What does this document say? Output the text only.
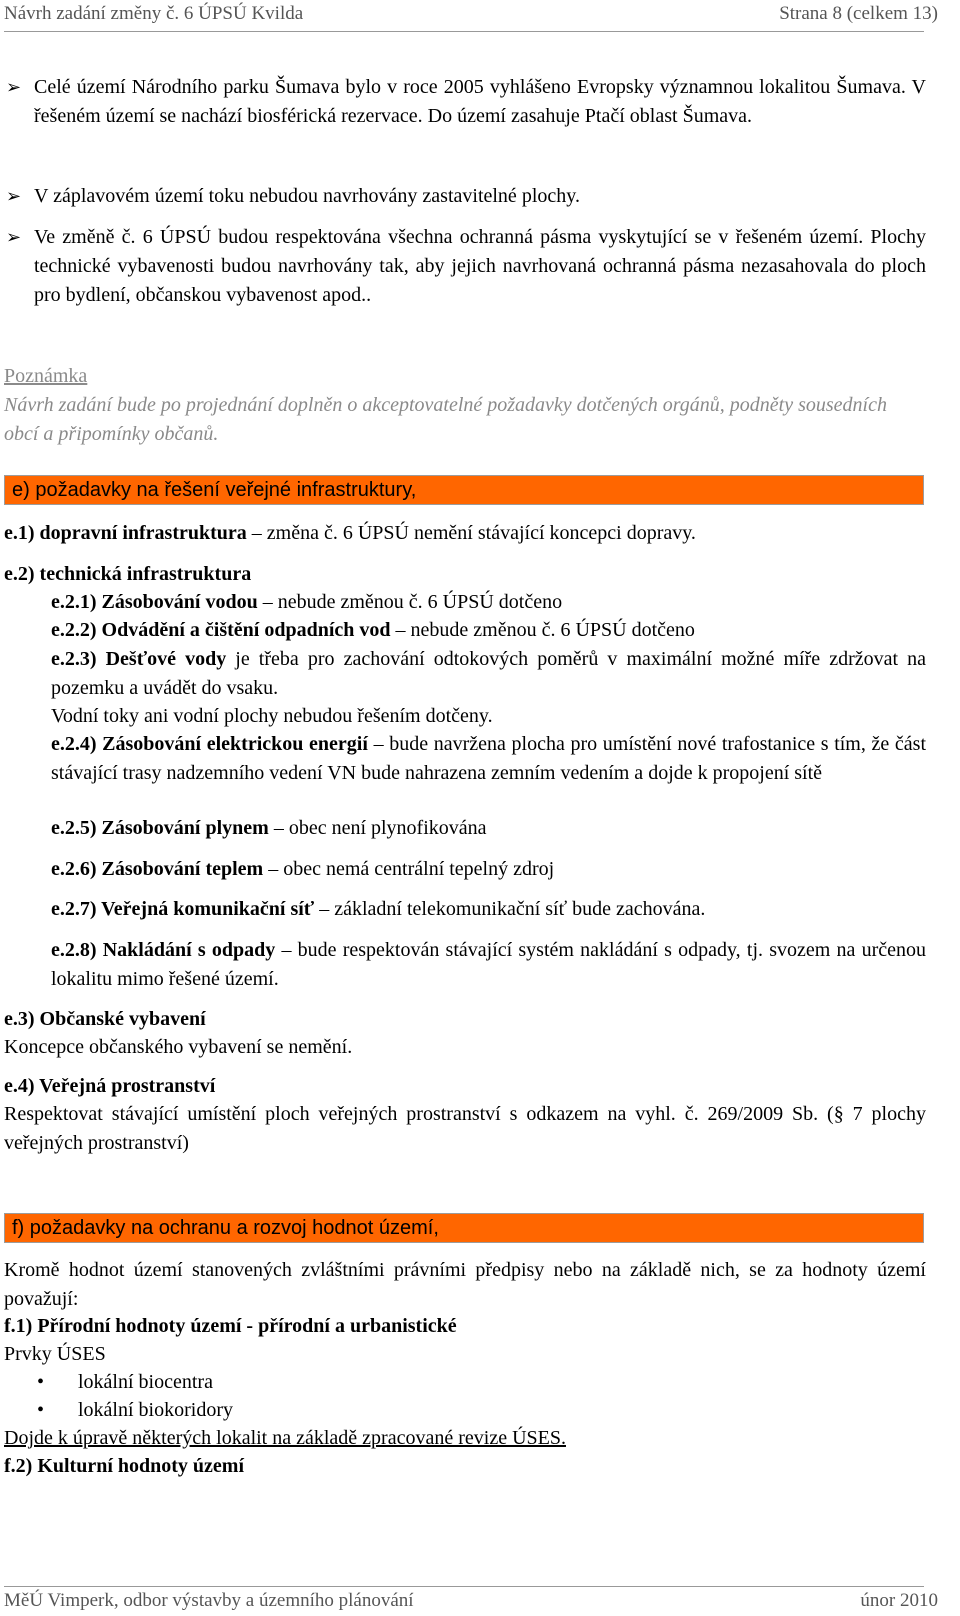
Návrh zadání změny č. 6 ÚPSÚ Kvilda	Strana 8 (celkem 13)
➢ Celé území Národního parku Šumava bylo v roce 2005 vyhlášeno Evropsky významnou lokalitou Šumava. V řešeném území se nachází biosférická rezervace. Do území zasahuje Ptačí oblast Šumava.
➢ V záplavovém území toku nebudou navrhovány zastavitelné plochy.
➢ Ve změně č. 6 ÚPSÚ budou respektována všechna ochranná pásma vyskytující se v řešeném území. Plochy technické vybavenosti budou navrhovány tak, aby jejich navrhovaná ochranná pásma nezasahovala do ploch pro bydlení, občanskou vybavenost apod..
Poznámka
Návrh zadání bude po projednání doplněn o akceptovatelné požadavky dotčených orgánů, podněty sousedních obcí a připomínky občanů.
e) požadavky na řešení veřejné infrastruktury,
e.1) dopravní infrastruktura – změna č. 6 ÚPSÚ nemění stávající koncepci dopravy.
e.2) technická infrastruktura
e.2.1) Zásobování vodou – nebude změnou č. 6 ÚPSÚ dotčeno
e.2.2) Odvádění a čištění odpadních vod – nebude změnou č. 6 ÚPSÚ dotčeno
e.2.3) Dešťové vody je třeba pro zachování odtokových poměrů v maximální možné míře zdržovat na pozemku a uvádět do vsaku.
Vodní toky ani vodní plochy nebudou řešením dotčeny.
e.2.4) Zásobování elektrickou energií – bude navržena plocha pro umístění nové trafostanice s tím, že část stávající trasy nadzemního vedení VN bude nahrazena zemním vedením a dojde k propojení sítě
e.2.5) Zásobování plynem – obec není plynofikována
e.2.6) Zásobování teplem – obec nemá centrální tepelný zdroj
e.2.7) Veřejná komunikační síť – základní telekomunikační síť bude zachována.
e.2.8) Nakládání s odpady – bude respektován stávající systém nakládání s odpady, tj. svozem na určenou lokalitu mimo řešené území.
e.3) Občanské vybavení
Koncepce občanského vybavení se nemění.
e.4) Veřejná prostranství
Respektovat stávající umístění ploch veřejných prostranství s odkazem na vyhl. č. 269/2009 Sb. (§ 7 plochy veřejných prostranství)
f) požadavky na ochranu a rozvoj hodnot území,
Kromě hodnot území stanovených zvláštními právními předpisy nebo na základě nich, se za hodnoty území považují:
f.1) Přírodní hodnoty území - přírodní a urbanistické
Prvky ÚSES
• lokální biocentra
• lokální biokoridory
Dojde k úpravě některých lokalit na základě zpracované revize ÚSES.
f.2) Kulturní hodnoty území
MěÚ Vimperk, odbor výstavby a územního plánování	únor 2010
